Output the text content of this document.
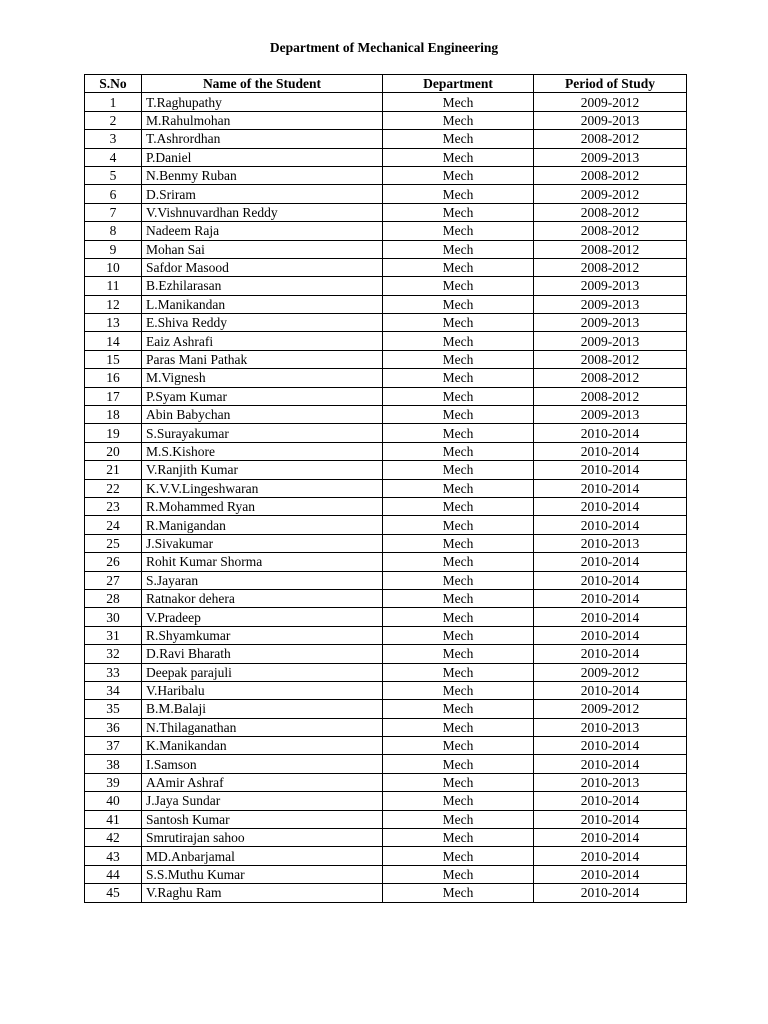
Department of Mechanical Engineering
S.No	Name of the Student	Department	Period of Study
1	T.Raghupathy	Mech	2009-2012
2	M.Rahulmohan	Mech	2009-2013
3	T.Ashrordhan	Mech	2008-2012
4	P.Daniel	Mech	2009-2013
5	N.Benmy Ruban	Mech	2008-2012
6	D.Sriram	Mech	2009-2012
7	V.Vishnuvardhan Reddy	Mech	2008-2012
8	Nadeem Raja	Mech	2008-2012
9	Mohan Sai	Mech	2008-2012
10	Safdor Masood	Mech	2008-2012
11	B.Ezhilarasan	Mech	2009-2013
12	L.Manikandan	Mech	2009-2013
13	E.Shiva Reddy	Mech	2009-2013
14	Eaiz Ashrafi	Mech	2009-2013
15	Paras Mani Pathak	Mech	2008-2012
16	M.Vignesh	Mech	2008-2012
17	P.Syam Kumar	Mech	2008-2012
18	Abin Babychan	Mech	2009-2013
19	S.Surayakumar	Mech	2010-2014
20	M.S.Kishore	Mech	2010-2014
21	V.Ranjith Kumar	Mech	2010-2014
22	K.V.V.Lingeshwaran	Mech	2010-2014
23	R.Mohammed Ryan	Mech	2010-2014
24	R.Manigandan	Mech	2010-2014
25	J.Sivakumar	Mech	2010-2013
26	Rohit Kumar Shorma	Mech	2010-2014
27	S.Jayaran	Mech	2010-2014
28	Ratnakor dehera	Mech	2010-2014
30	V.Pradeep	Mech	2010-2014
31	R.Shyamkumar	Mech	2010-2014
32	D.Ravi Bharath	Mech	2010-2014
33	Deepak parajuli	Mech	2009-2012
34	V.Haribalu	Mech	2010-2014
35	B.M.Balaji	Mech	2009-2012
36	N.Thilaganathan	Mech	2010-2013
37	K.Manikandan	Mech	2010-2014
38	I.Samson	Mech	2010-2014
39	AAmir Ashraf	Mech	2010-2013
40	J.Jaya Sundar	Mech	2010-2014
41	Santosh Kumar	Mech	2010-2014
42	Smrutirajan sahoo	Mech	2010-2014
43	MD.Anbarjamal	Mech	2010-2014
44	S.S.Muthu Kumar	Mech	2010-2014
45	V.Raghu Ram	Mech	2010-2014
